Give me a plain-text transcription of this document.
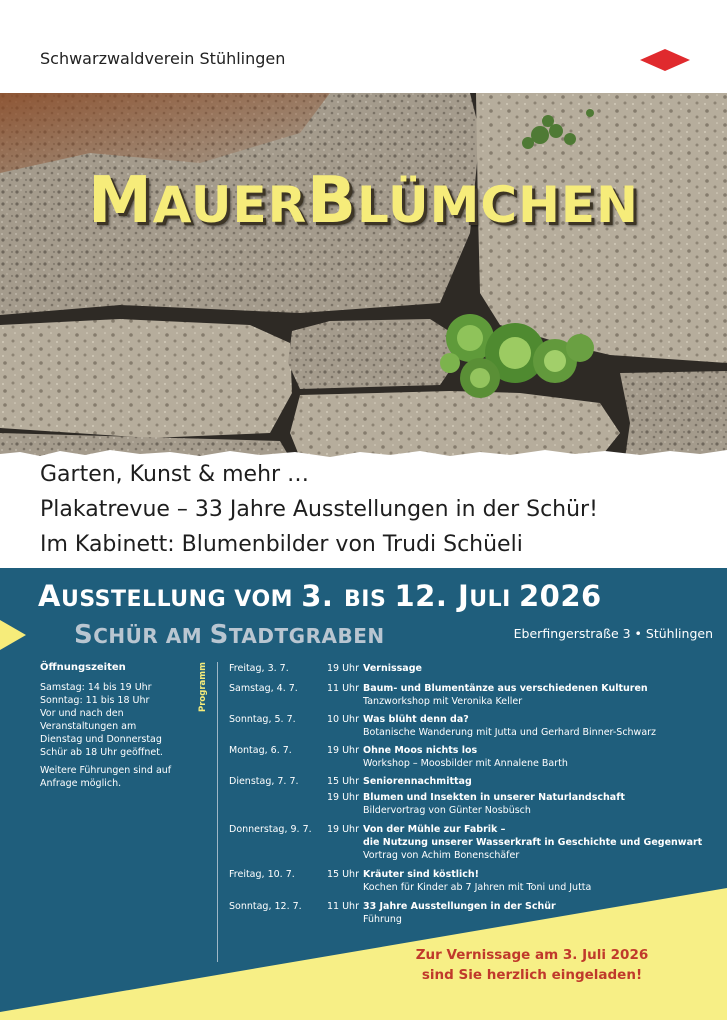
Schwarzwaldverein Stühlingen
MAUERBLÜMCHEN
Garten, Kunst & mehr …
Plakatrevue – 33 Jahre Ausstellungen in der Schür!
Im Kabinett: Blumenbilder von Trudi Schüeli
AUSSTELLUNG VOM 3. BIS 12. JULI 2026
SCHÜR AM STADTGRABEN	Eberfingerstraße 3 • Stühlingen
Öffnungszeiten
Samstag: 14 bis 19 Uhr
Sonntag: 11 bis 18 Uhr
Vor und nach den
Veranstaltungen am
Dienstag und Donnerstag
Schür ab 18 Uhr geöffnet.
Weitere Führungen sind auf
Anfrage möglich.
Programm Freitag, 3. 7.	19 Uhr Vernissage
Samstag, 4. 7.	11 Uhr Baum- und Blumentänze aus verschiedenen Kulturen
Tanzworkshop mit Veronika Keller
Sonntag, 5. 7.	10 Uhr Was blüht denn da?
Botanische Wanderung mit Jutta und Gerhard Binner-Schwarz
Montag, 6. 7.	19 Uhr Ohne Moos nichts los
Workshop – Moosbilder mit Annalene Barth
Dienstag, 7. 7.	15 Uhr Seniorennachmittag
19 Uhr Blumen und Insekten in unserer Naturlandschaft
Bildervortrag von Günter Nosbüsch
Donnerstag, 9. 7.	19 Uhr Von der Mühle zur Fabrik –
die Nutzung unserer Wasserkraft in Geschichte und Gegenwart
Vortrag von Achim Bonenschäfer
Freitag, 10. 7.	15 Uhr Kräuter sind köstlich!
Kochen für Kinder ab 7 Jahren mit Toni und Jutta
Sonntag, 12. 7.	11 Uhr 33 Jahre Ausstellungen in der Schür
Führung
Zur Vernissage am 3. Juli 2026
sind Sie herzlich eingeladen!
